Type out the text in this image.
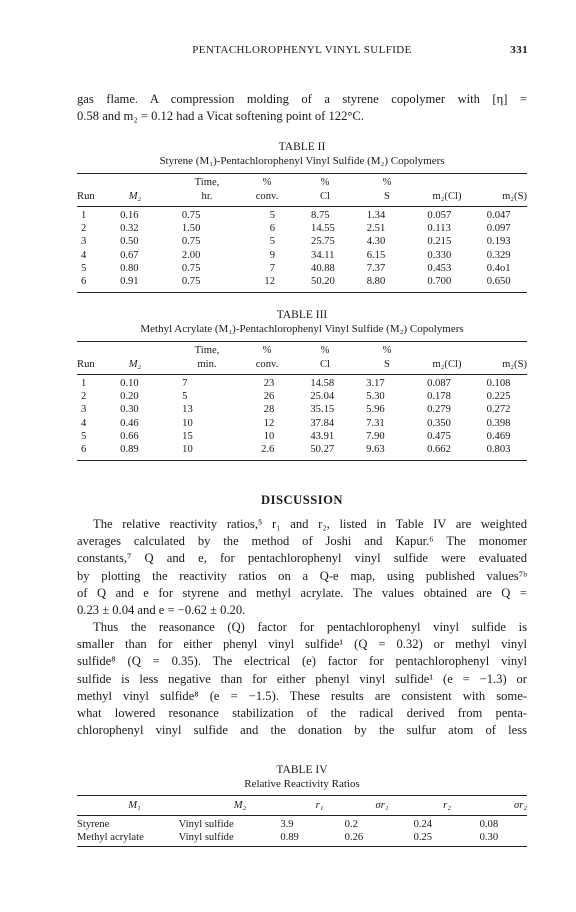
PENTACHLOROPHENYL VINYL SULFIDE	331
gas flame. A compression molding of a styrene copolymer with [η] =
0.58 and m₂ = 0.12 had a Vicat softening point of 122°C.
TABLE II
Styrene (M₁)-Pentachlorophenyl Vinyl Sulfide (M₂) Copolymers
Time,	%	%	%
Run	M₂	hr.	conv.	Cl	S	m₂(Cl)	m₂(S)
1	0.16	0.75	5	8.75	1.34	0.057	0.047
2	0.32	1.50	6	14.55	2.51	0.113	0.097
3	0.50	0.75	5	25.75	4.30	0.215	0.193
4	0.67	2.00	9	34.11	6.15	0.330	0.329
5	0.80	0.75	7	40.88	7.37	0.453	0.4o1
6	0.91	0.75	12	50.20	8.80	0.700	0.650
TABLE III
Methyl Acrylate (M₁)-Pentachlorophenyl Vinyl Sulfide (M₂) Copolymers
Time,	%	%	%
Run	M₂	min.	conv.	Cl	S	m₂(Cl)	m₂(S)
1	0.10	7	23	14.58	3.17	0.087	0.108
2	0.20	5	26	25.04	5.30	0.178	0.225
3	0.30	13	28	35.15	5.96	0.279	0.272
4	0.46	10	12	37.84	7.31	0.350	0.398
5	0.66	15	10	43.91	7.90	0.475	0.469
6	0.89	10	2.6	50.27	9.63	0.662	0.803
DISCUSSION
The relative reactivity ratios,⁵ r₁ and r₂, listed in Table IV are weighted
averages calculated by the method of Joshi and Kapur.⁶ The monomer
constants,⁷ Q and e, for pentachlorophenyl vinyl sulfide were evaluated
by plotting the reactivity ratios on a Q-e map, using published values⁷ᵇ
of Q and e for styrene and methyl acrylate. The values obtained are Q =
0.23 ± 0.04 and e = −0.62 ± 0.20.
Thus the reasonance (Q) factor for pentachlorophenyl vinyl sulfide is
smaller than for either phenyl vinyl sulfide¹ (Q = 0.32) or methyl vinyl
sulfide⁸ (Q = 0.35). The electrical (e) factor for pentachlorophenyl vinyl
sulfide is less negative than for either phenyl vinyl sulfide¹ (e = −1.3) or
methyl vinyl sulfide⁸ (e = −1.5). These results are consistent with some-
what lowered resonance stabilization of the radical derived from penta-
chlorophenyl vinyl sulfide and the donation by the sulfur atom of less
TABLE IV
Relative Reactivity Ratios
M₁	M₂	r₁	σr₁	r₂	σr₂
Styrene	Vinyl sulfide	3.9	0.2	0.24	0.08
Methyl acrylate	Vinyl sulfide	0.89	0.26	0.25	0.30
